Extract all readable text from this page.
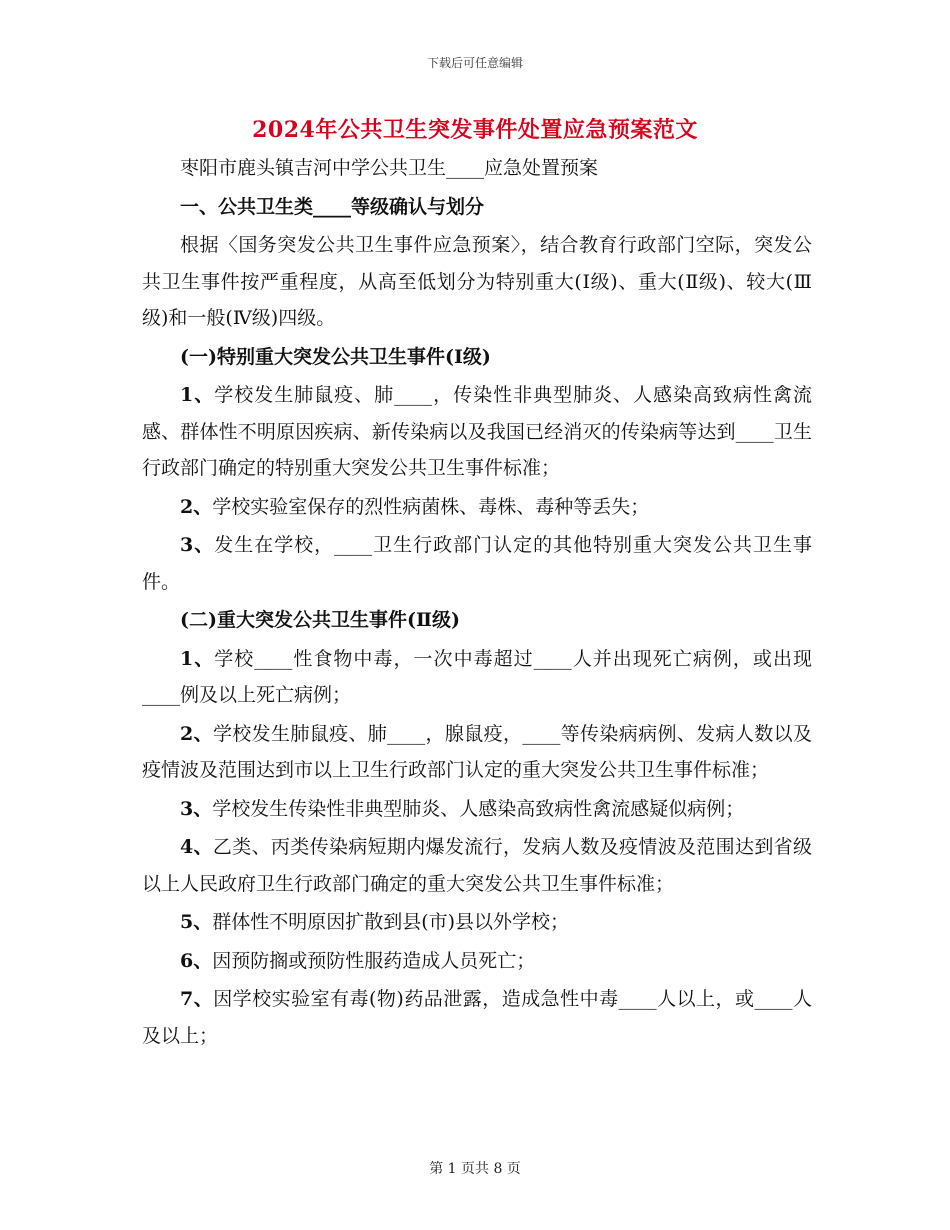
下载后可任意编辑
2024年公共卫生突发事件处置应急预案范文

枣阳市鹿头镇吉河中学公共卫生____应急处置预案

一、公共卫生类____等级确认与划分

根据〈国务突发公共卫生事件应急预案〉，结合教育行政部门空际，突发公共卫生事件按严重程度，从高至低划分为特别重大(Ⅰ级)、重大(Ⅱ级)、较大(Ⅲ级)和一般(Ⅳ级)四级。

(一)特别重大突发公共卫生事件(Ⅰ级)

1、学校发生肺鼠疫、肺____，传染性非典型肺炎、人感染高致病性禽流感、群体性不明原因疾病、新传染病以及我国已经消灭的传染病等达到____卫生行政部门确定的特别重大突发公共卫生事件标准；

2、学校实验室保存的烈性病菌株、毒株、毒种等丢失；

3、发生在学校，____卫生行政部门认定的其他特别重大突发公共卫生事件。

(二)重大突发公共卫生事件(Ⅱ级)

1、学校____性食物中毒，一次中毒超过____人并出现死亡病例，或出现____例及以上死亡病例；

2、学校发生肺鼠疫、肺____，腺鼠疫，____等传染病病例、发病人数以及疫情波及范围达到市以上卫生行政部门认定的重大突发公共卫生事件标准；

3、学校发生传染性非典型肺炎、人感染高致病性禽流感疑似病例；

4、乙类、丙类传染病短期内爆发流行，发病人数及疫情波及范围达到省级以上人民政府卫生行政部门确定的重大突发公共卫生事件标准；

5、群体性不明原因扩散到县(市)县以外学校；

6、因预防搁或预防性服药造成人员死亡；

7、因学校实验室有毒(物)药品泄露，造成急性中毒____人以上，或____人及以上；

第 1 页共 8 页
